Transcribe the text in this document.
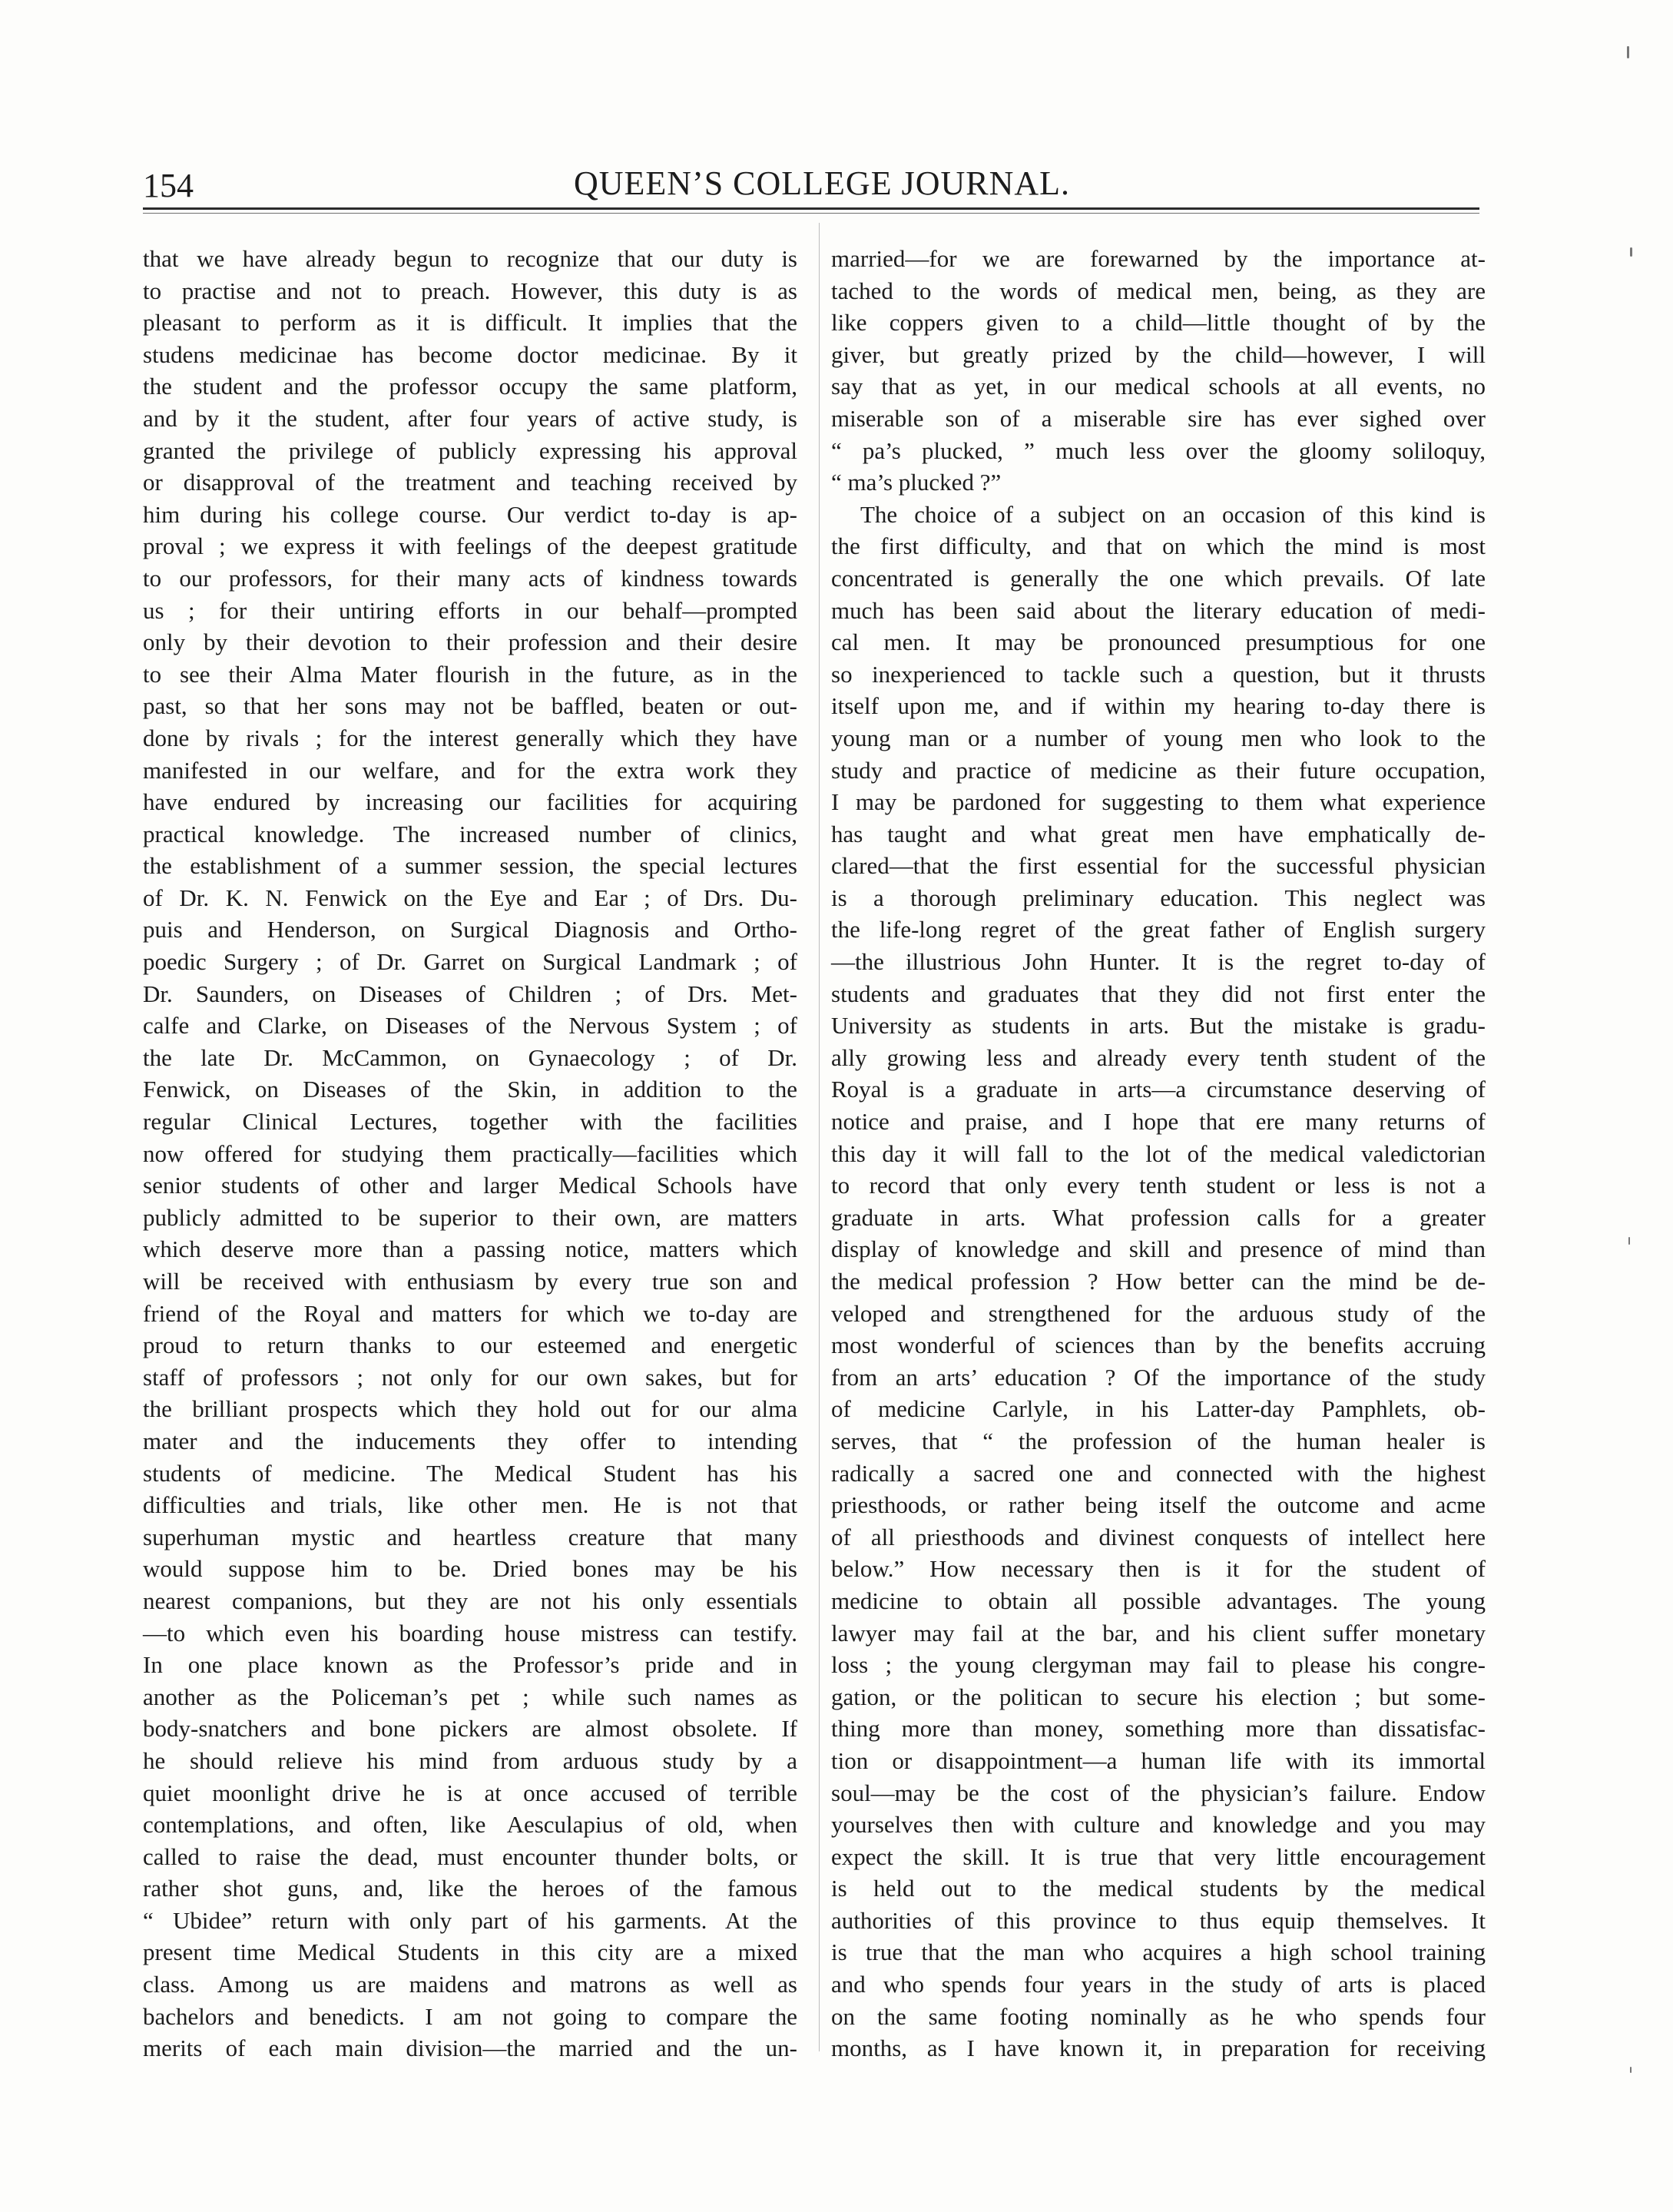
154	QUEEN’S COLLEGE JOURNAL.
that we have already begun to recognize that our duty is
to practise and not to preach. However, this duty is as
pleasant to perform as it is difficult. It implies that the
studens medicinae has become doctor medicinae. By it
the student and the professor occupy the same platform,
and by it the student, after four years of active study, is
granted the privilege of publicly expressing his approval
or disapproval of the treatment and teaching received by
him during his college course. Our verdict to-day is ap-
proval ; we express it with feelings of the deepest gratitude
to our professors, for their many acts of kindness towards
us ; for their untiring efforts in our behalf—prompted
only by their devotion to their profession and their desire
to see their Alma Mater flourish in the future, as in the
past, so that her sons may not be baffled, beaten or out-
done by rivals ; for the interest generally which they have
manifested in our welfare, and for the extra work they
have endured by increasing our facilities for acquiring
practical knowledge. The increased number of clinics,
the establishment of a summer session, the special lectures
of Dr. K. N. Fenwick on the Eye and Ear ; of Drs. Du-
puis and Henderson, on Surgical Diagnosis and Ortho-
poedic Surgery ; of Dr. Garret on Surgical Landmark ; of
Dr. Saunders, on Diseases of Children ; of Drs. Met-
calfe and Clarke, on Diseases of the Nervous System ; of
the late Dr. McCammon, on Gynaecology ; of Dr.
Fenwick, on Diseases of the Skin, in addition to the
regular Clinical Lectures, together with the facilities
now offered for studying them practically—facilities which
senior students of other and larger Medical Schools have
publicly admitted to be superior to their own, are matters
which deserve more than a passing notice, matters which
will be received with enthusiasm by every true son and
friend of the Royal and matters for which we to-day are
proud to return thanks to our esteemed and energetic
staff of professors ; not only for our own sakes, but for
the brilliant prospects which they hold out for our alma
mater and the inducements they offer to intending
students of medicine. The Medical Student has his
difficulties and trials, like other men. He is not that
superhuman mystic and heartless creature that many
would suppose him to be. Dried bones may be his
nearest companions, but they are not his only essentials
—to which even his boarding house mistress can testify.
In one place known as the Professor’s pride and in
another as the Policeman’s pet ; while such names as
body-snatchers and bone pickers are almost obsolete. If
he should relieve his mind from arduous study by a
quiet moonlight drive he is at once accused of terrible
contemplations, and often, like Aesculapius of old, when
called to raise the dead, must encounter thunder bolts, or
rather shot guns, and, like the heroes of the famous
“ Ubidee” return with only part of his garments. At the
present time Medical Students in this city are a mixed
class. Among us are maidens and matrons as well as
bachelors and benedicts. I am not going to compare the
merits of each main division—the married and the un-
married—for we are forewarned by the importance at-
tached to the words of medical men, being, as they are
like coppers given to a child—little thought of by the
giver, but greatly prized by the child—however, I will
say that as yet, in our medical schools at all events, no
miserable son of a miserable sire has ever sighed over
“ pa’s plucked, ” much less over the gloomy soliloquy,
“ ma’s plucked ?”
The choice of a subject on an occasion of this kind is
the first difficulty, and that on which the mind is most
concentrated is generally the one which prevails. Of late
much has been said about the literary education of medi-
cal men. It may be pronounced presumptious for one
so inexperienced to tackle such a question, but it thrusts
itself upon me, and if within my hearing to-day there is
young man or a number of young men who look to the
study and practice of medicine as their future occupation,
I may be pardoned for suggesting to them what experience
has taught and what great men have emphatically de-
clared—that the first essential for the successful physician
is a thorough preliminary education. This neglect was
the life-long regret of the great father of English surgery
—the illustrious John Hunter. It is the regret to-day of
students and graduates that they did not first enter the
University as students in arts. But the mistake is gradu-
ally growing less and already every tenth student of the
Royal is a graduate in arts—a circumstance deserving of
notice and praise, and I hope that ere many returns of
this day it will fall to the lot of the medical valedictorian
to record that only every tenth student or less is not a
graduate in arts. What profession calls for a greater
display of knowledge and skill and presence of mind than
the medical profession ? How better can the mind be de-
veloped and strengthened for the arduous study of the
most wonderful of sciences than by the benefits accruing
from an arts’ education ? Of the importance of the study
of medicine Carlyle, in his Latter-day Pamphlets, ob-
serves, that “ the profession of the human healer is
radically a sacred one and connected with the highest
priesthoods, or rather being itself the outcome and acme
of all priesthoods and divinest conquests of intellect here
below.” How necessary then is it for the student of
medicine to obtain all possible advantages. The young
lawyer may fail at the bar, and his client suffer monetary
loss ; the young clergyman may fail to please his congre-
gation, or the politican to secure his election ; but some-
thing more than money, something more than dissatisfac-
tion or disappointment—a human life with its immortal
soul—may be the cost of the physician’s failure. Endow
yourselves then with culture and knowledge and you may
expect the skill. It is true that very little encouragement
is held out to the medical students by the medical
authorities of this province to thus equip themselves. It
is true that the man who acquires a high school training
and who spends four years in the study of arts is placed
on the same footing nominally as he who spends four
months, as I have known it, in preparation for receiving
